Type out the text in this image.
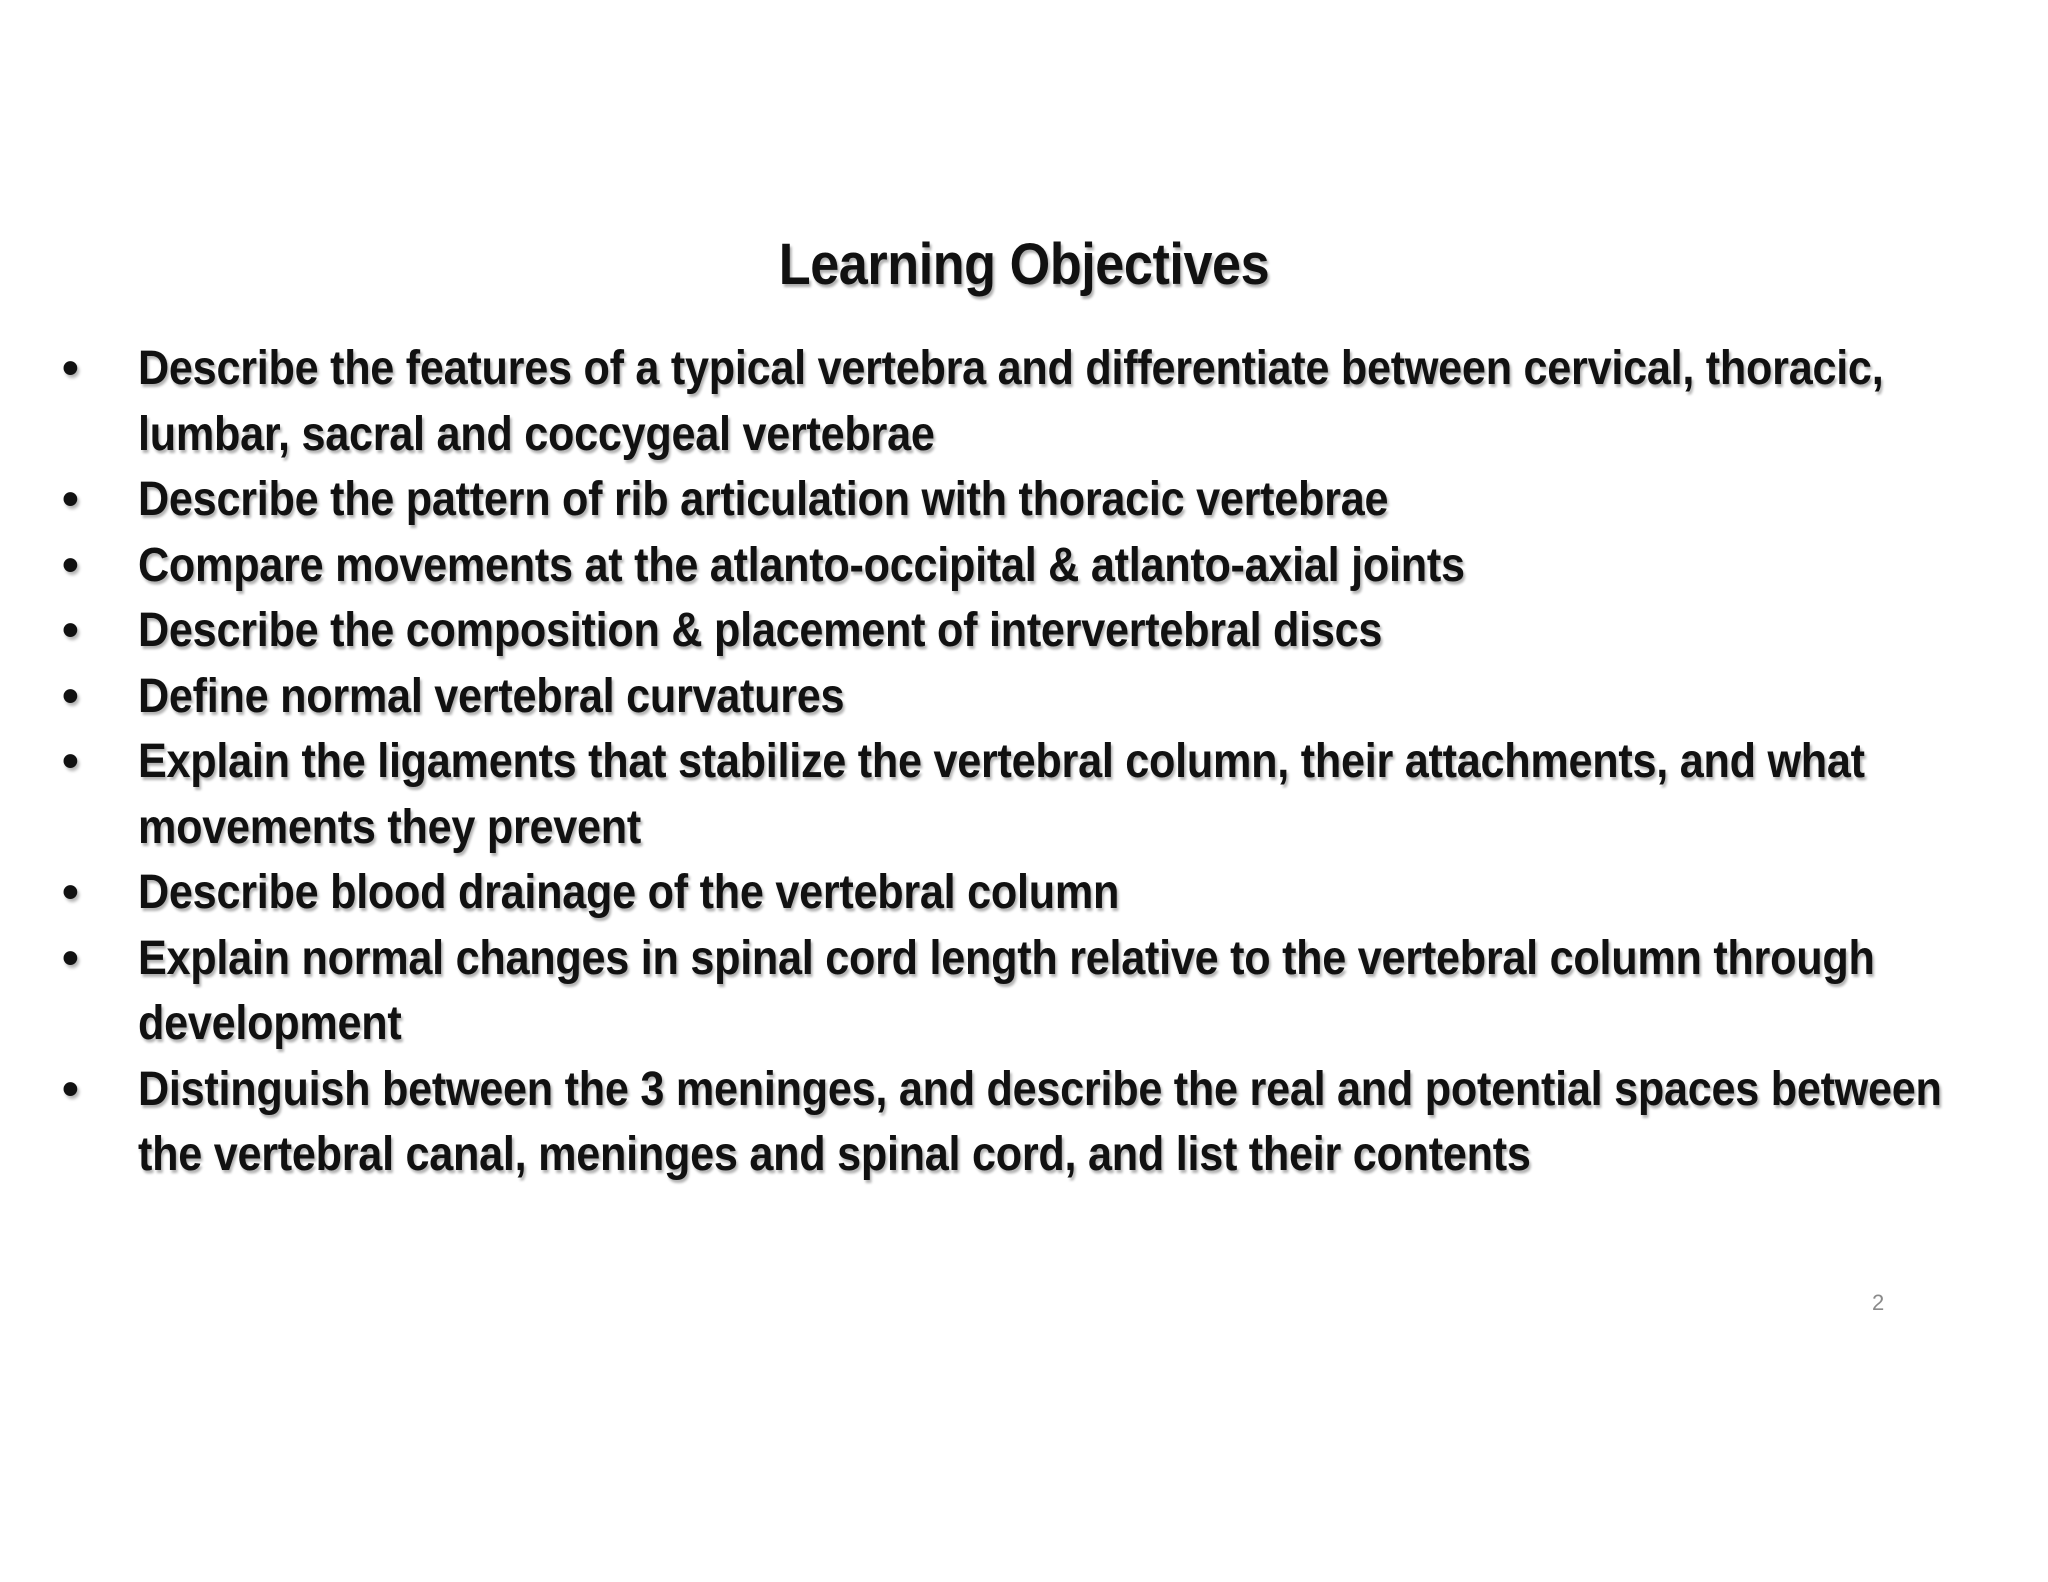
Learning Objectives
• Describe the features of a typical vertebra and differentiate between cervical, thoracic, lumbar, sacral and coccygeal vertebrae
• Describe the pattern of rib articulation with thoracic vertebrae
• Compare movements at the atlanto-occipital & atlanto-axial joints
• Describe the composition & placement of intervertebral discs
• Define normal vertebral curvatures
• Explain the ligaments that stabilize the vertebral column, their attachments, and what movements they prevent
• Describe blood drainage of the vertebral column
• Explain normal changes in spinal cord length relative to the vertebral column through development
• Distinguish between the 3 meninges, and describe the real and potential spaces between the vertebral canal, meninges and spinal cord, and list their contents
2
